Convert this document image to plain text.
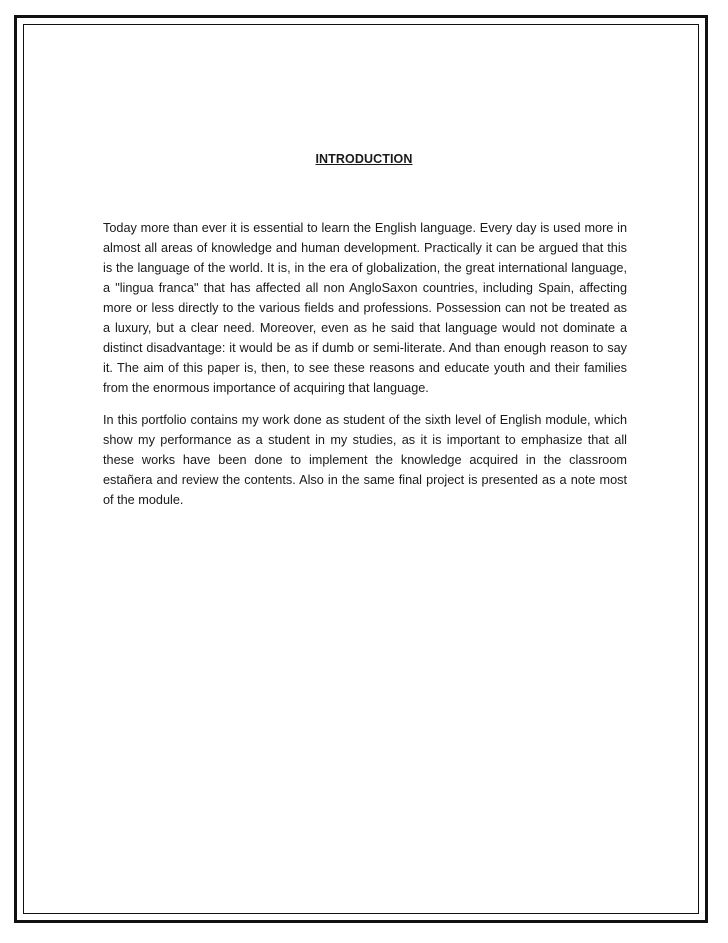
INTRODUCTION

Today more than ever it is essential to learn the English language. Every day is used more in almost all areas of knowledge and human development. Practically it can be argued that this is the language of the world. It is, in the era of globalization, the great international language, a "lingua franca" that has affected all non AngloSaxon countries, including Spain, affecting more or less directly to the various fields and professions. Possession can not be treated as a luxury, but a clear need. Moreover, even as he said that language would not dominate a distinct disadvantage: it would be as if dumb or semi-literate. And than enough reason to say it. The aim of this paper is, then, to see these reasons and educate youth and their families from the enormous importance of acquiring that language.

In this portfolio contains my work done as student of the sixth level of English module, which show my performance as a student in my studies, as it is important to emphasize that all these works have been done to implement the knowledge acquired in the classroom estañera and review the contents. Also in the same final project is presented as a note most of the module.
